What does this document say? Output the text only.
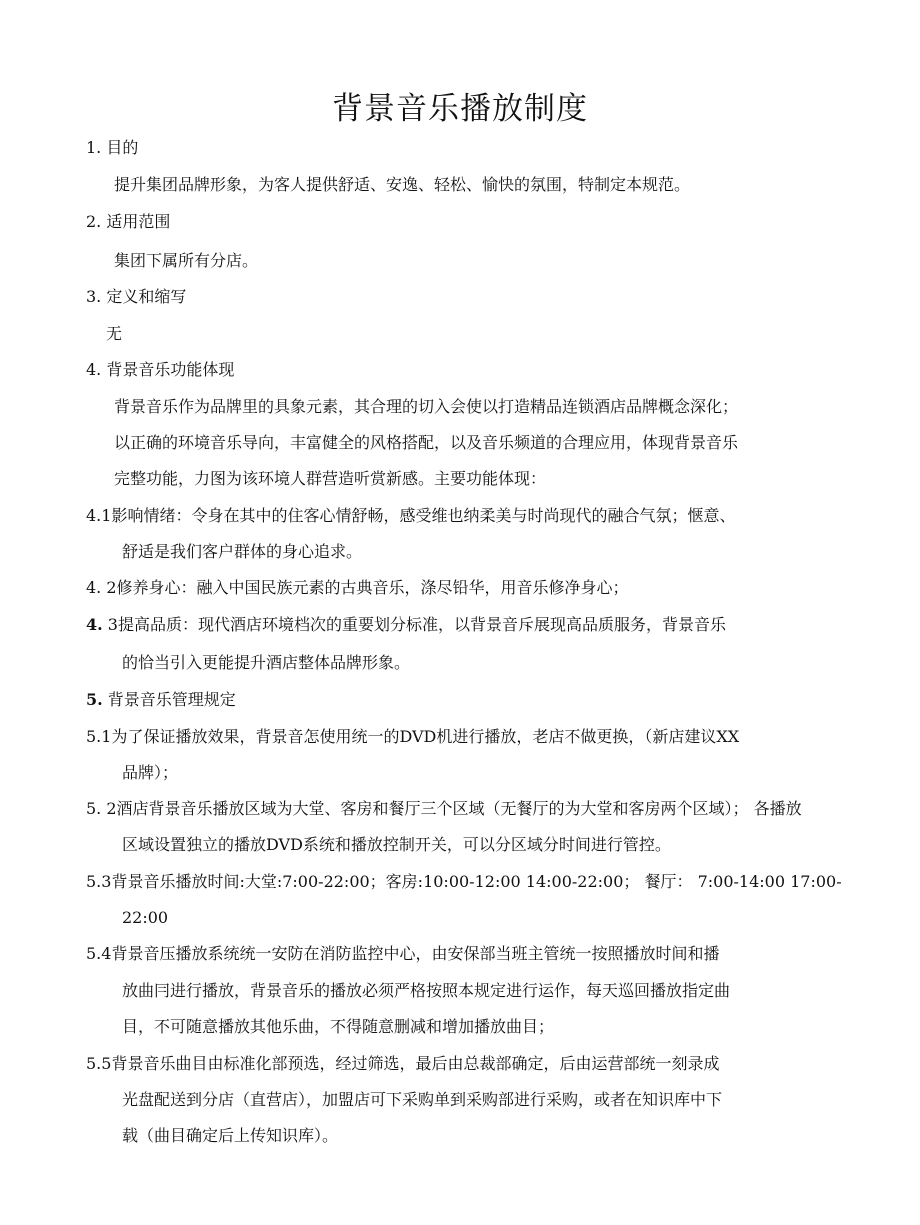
背景音乐播放制度

1. 目的

提升集团品牌形象，为客人提供舒适、安逸、轻松、愉快的氛围，特制定本规范。

2. 适用范围

集团下属所有分店。

3. 定义和缩写

无

4. 背景音乐功能体现

背景音乐作为品牌里的具象元素，其合理的切入会使以打造精品连锁酒店品牌概念深化；

以正确的环境音乐导向，丰富健全的风格搭配，以及音乐频道的合理应用，体现背景音乐

完整功能，力图为该环境人群营造听赏新感。主要功能体现：

4.1影响情绪：令身在其中的住客心情舒畅，感受维也纳柔美与时尚现代的融合气氛；惬意、

舒适是我们客户群体的身心追求。

4. 2修养身心：融入中国民族元素的古典音乐，涤尽铅华，用音乐修净身心；

4. 3提高品质：现代酒店环境档次的重要划分标准，以背景音斥展现高品质服务，背景音乐

的恰当引入更能提升酒店整体品牌形象。

5. 背景音乐管理规定

5.1为了保证播放效果，背景音怎使用统一的DVD机进行播放，老店不做更换，（新店建议XX

品牌）；

5. 2酒店背景音乐播放区域为大堂、客房和餐厅三个区域（无餐厅的为大堂和客房两个区域）； 各播放

区域设置独立的播放DVD系统和播放控制开关，可以分区域分时间进行管控。

5.3背景音乐播放时间:大堂:7:00-22:00；客房:10:00-12:00 14:00-22:00； 餐厅： 7:00-14:00 17:00-

22:00

5.4背景音压播放系统统一安防在消防监控中心，由安保部当班主管统一按照播放时间和播

放曲冃进行播放，背景音乐的播放必须严格按照本规定进行运作，每天巡回播放指定曲

目，不可随意播放其他乐曲，不得随意删减和增加播放曲目；

5.5背景音乐曲目由标准化部预选，经过筛选，最后由总裁部确定，后由运营部统一刻录成

光盘配送到分店（直营店），加盟店可下采购单到采购部进行采购，或者在知识库中下

载（曲目确定后上传知识库）。
